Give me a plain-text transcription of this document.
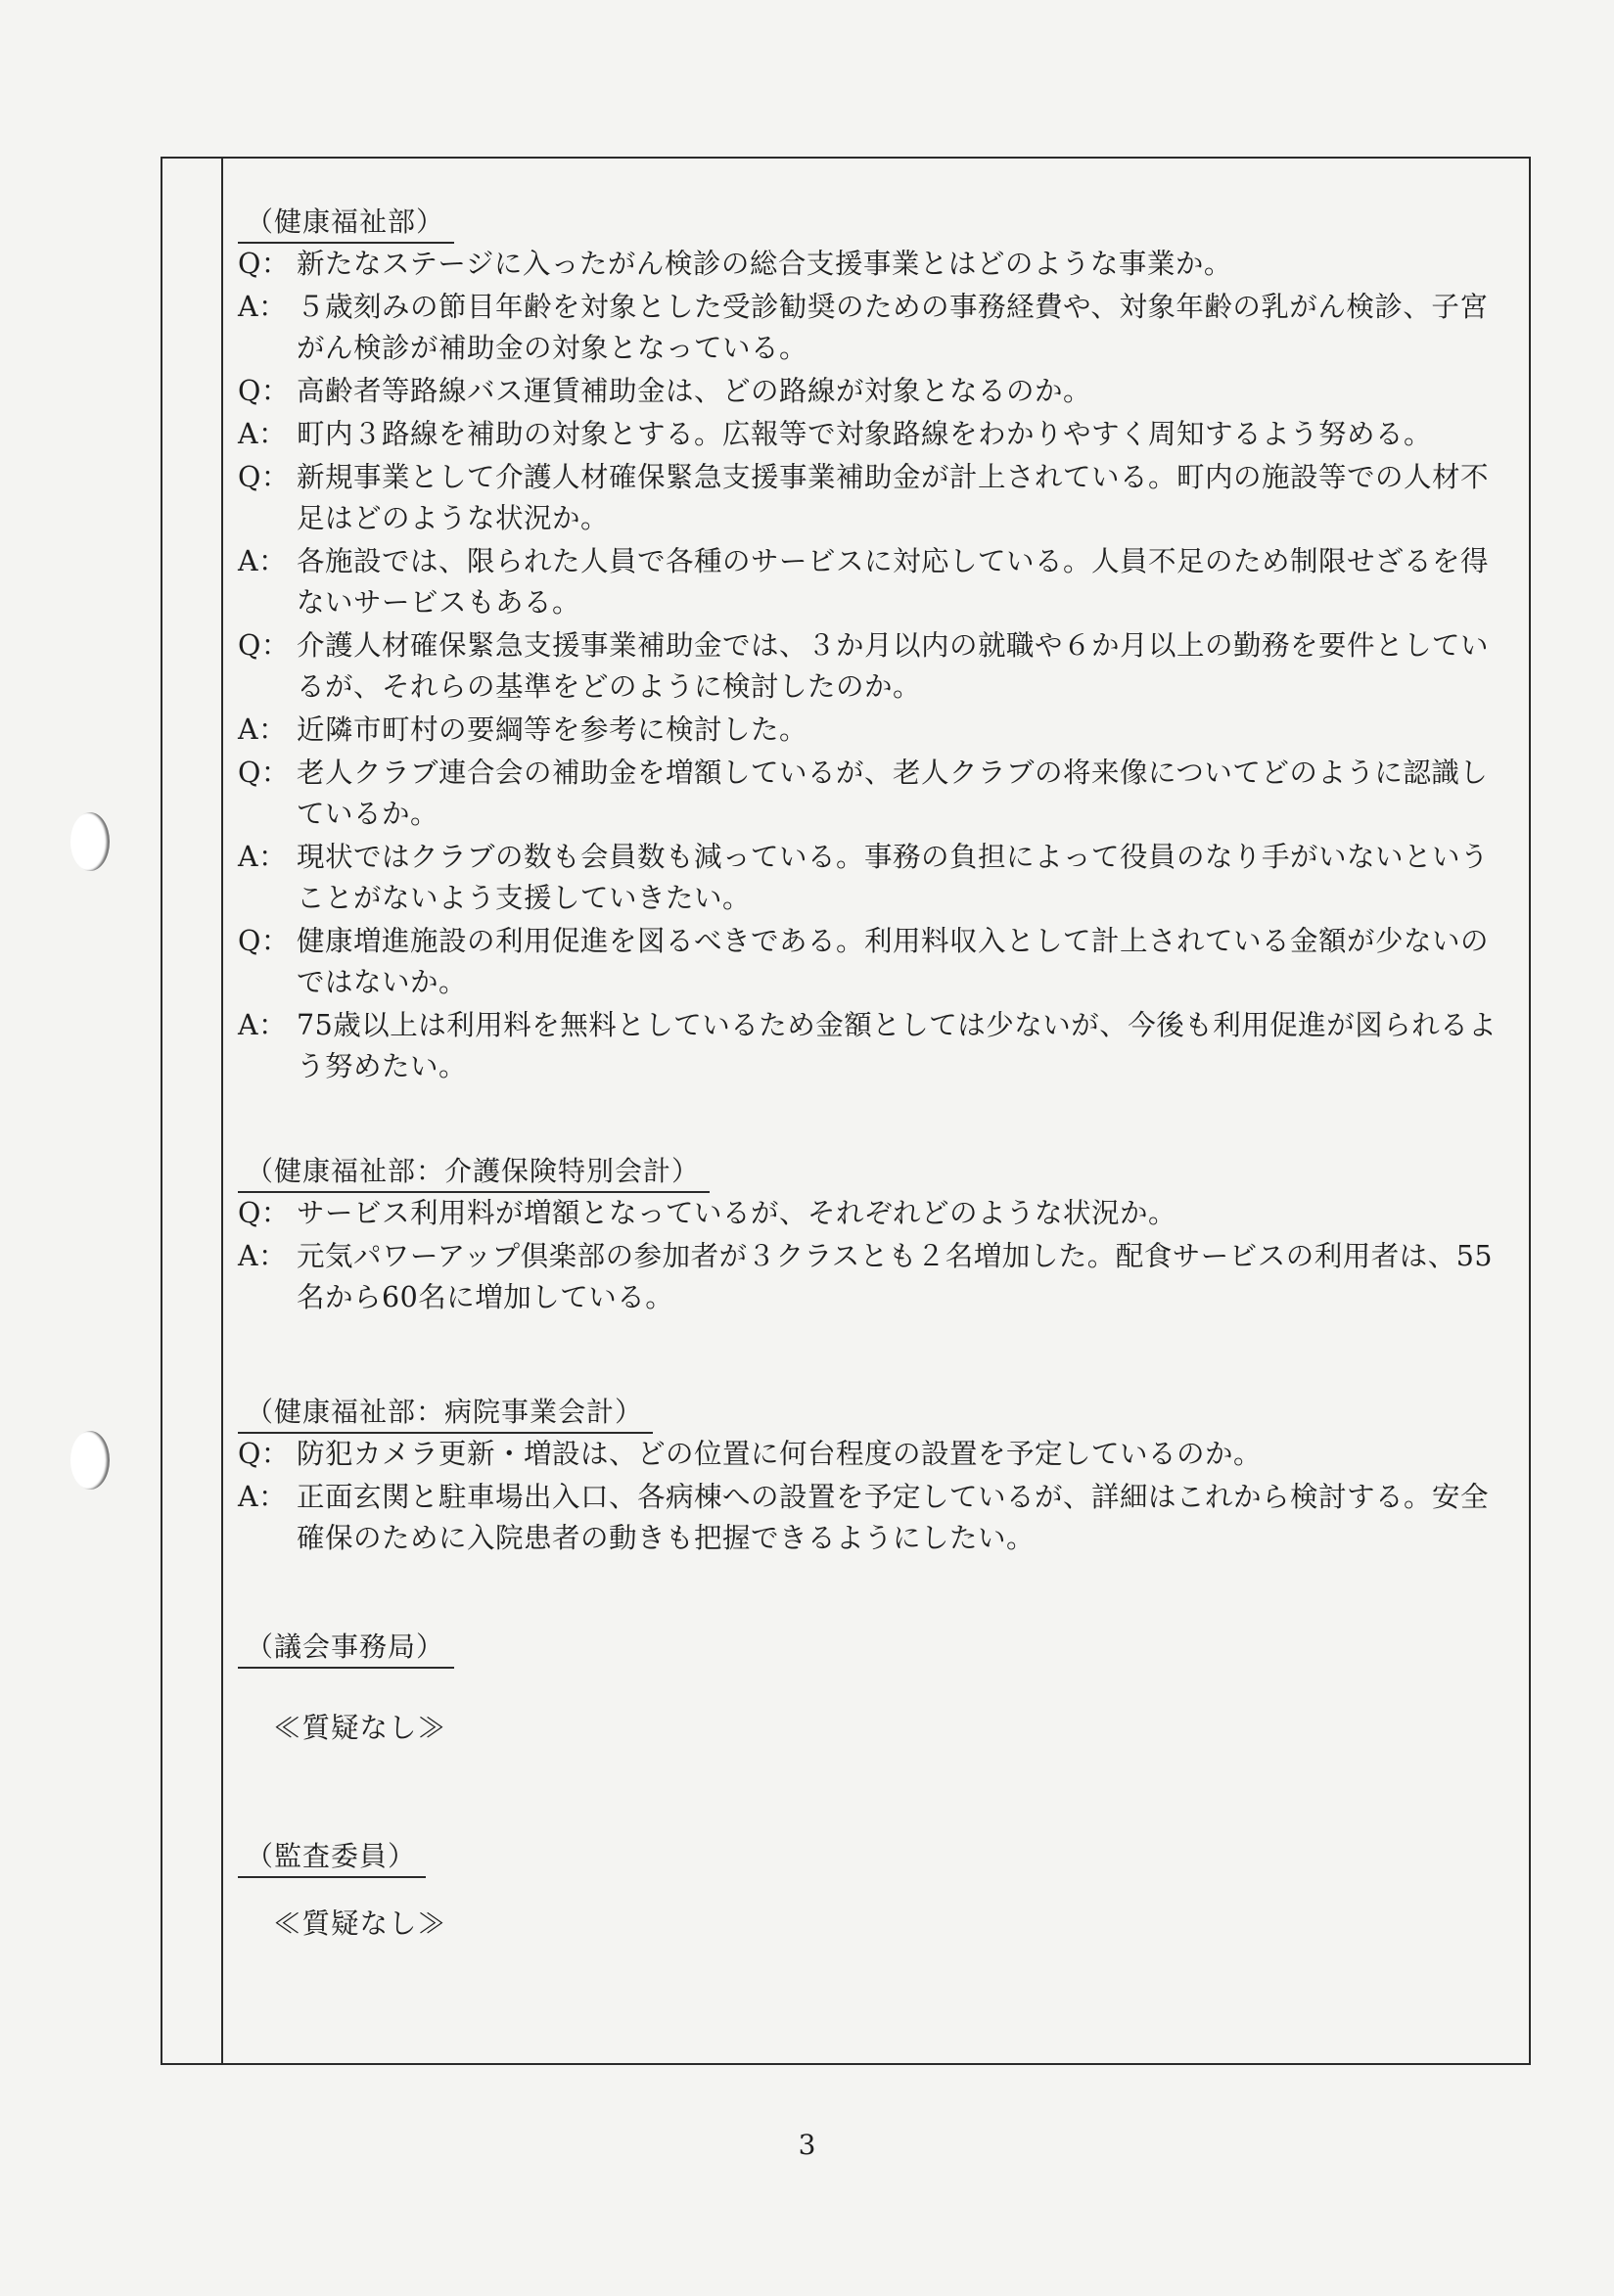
（健康福祉部）
Q： 新たなステージに入ったがん検診の総合支援事業とはどのような事業か。
A： ５歳刻みの節目年齢を対象とした受診勧奨のための事務経費や、対象年齢の乳がん検診、子宮がん検診が補助金の対象となっている。
Q： 高齢者等路線バス運賃補助金は、どの路線が対象となるのか。
A： 町内３路線を補助の対象とする。広報等で対象路線をわかりやすく周知するよう努める。
Q： 新規事業として介護人材確保緊急支援事業補助金が計上されている。町内の施設等での人材不足はどのような状況か。
A： 各施設では、限られた人員で各種のサービスに対応している。人員不足のため制限せざるを得ないサービスもある。
Q： 介護人材確保緊急支援事業補助金では、３か月以内の就職や６か月以上の勤務を要件としているが、それらの基準をどのように検討したのか。
A： 近隣市町村の要綱等を参考に検討した。
Q： 老人クラブ連合会の補助金を増額しているが、老人クラブの将来像についてどのように認識しているか。
A： 現状ではクラブの数も会員数も減っている。事務の負担によって役員のなり手がいないということがないよう支援していきたい。
Q： 健康増進施設の利用促進を図るべきである。利用料収入として計上されている金額が少ないのではないか。
A： 75歳以上は利用料を無料としているため金額としては少ないが、今後も利用促進が図られるよう努めたい。
（健康福祉部：介護保険特別会計）
Q： サービス利用料が増額となっているが、それぞれどのような状況か。
A： 元気パワーアップ倶楽部の参加者が３クラスとも２名増加した。配食サービスの利用者は、55名から60名に増加している。
（健康福祉部：病院事業会計）
Q： 防犯カメラ更新・増設は、どの位置に何台程度の設置を予定しているのか。
A： 正面玄関と駐車場出入口、各病棟への設置を予定しているが、詳細はこれから検討する。安全確保のために入院患者の動きも把握できるようにしたい。
（議会事務局）
≪質疑なし≫
（監査委員）
≪質疑なし≫
3
